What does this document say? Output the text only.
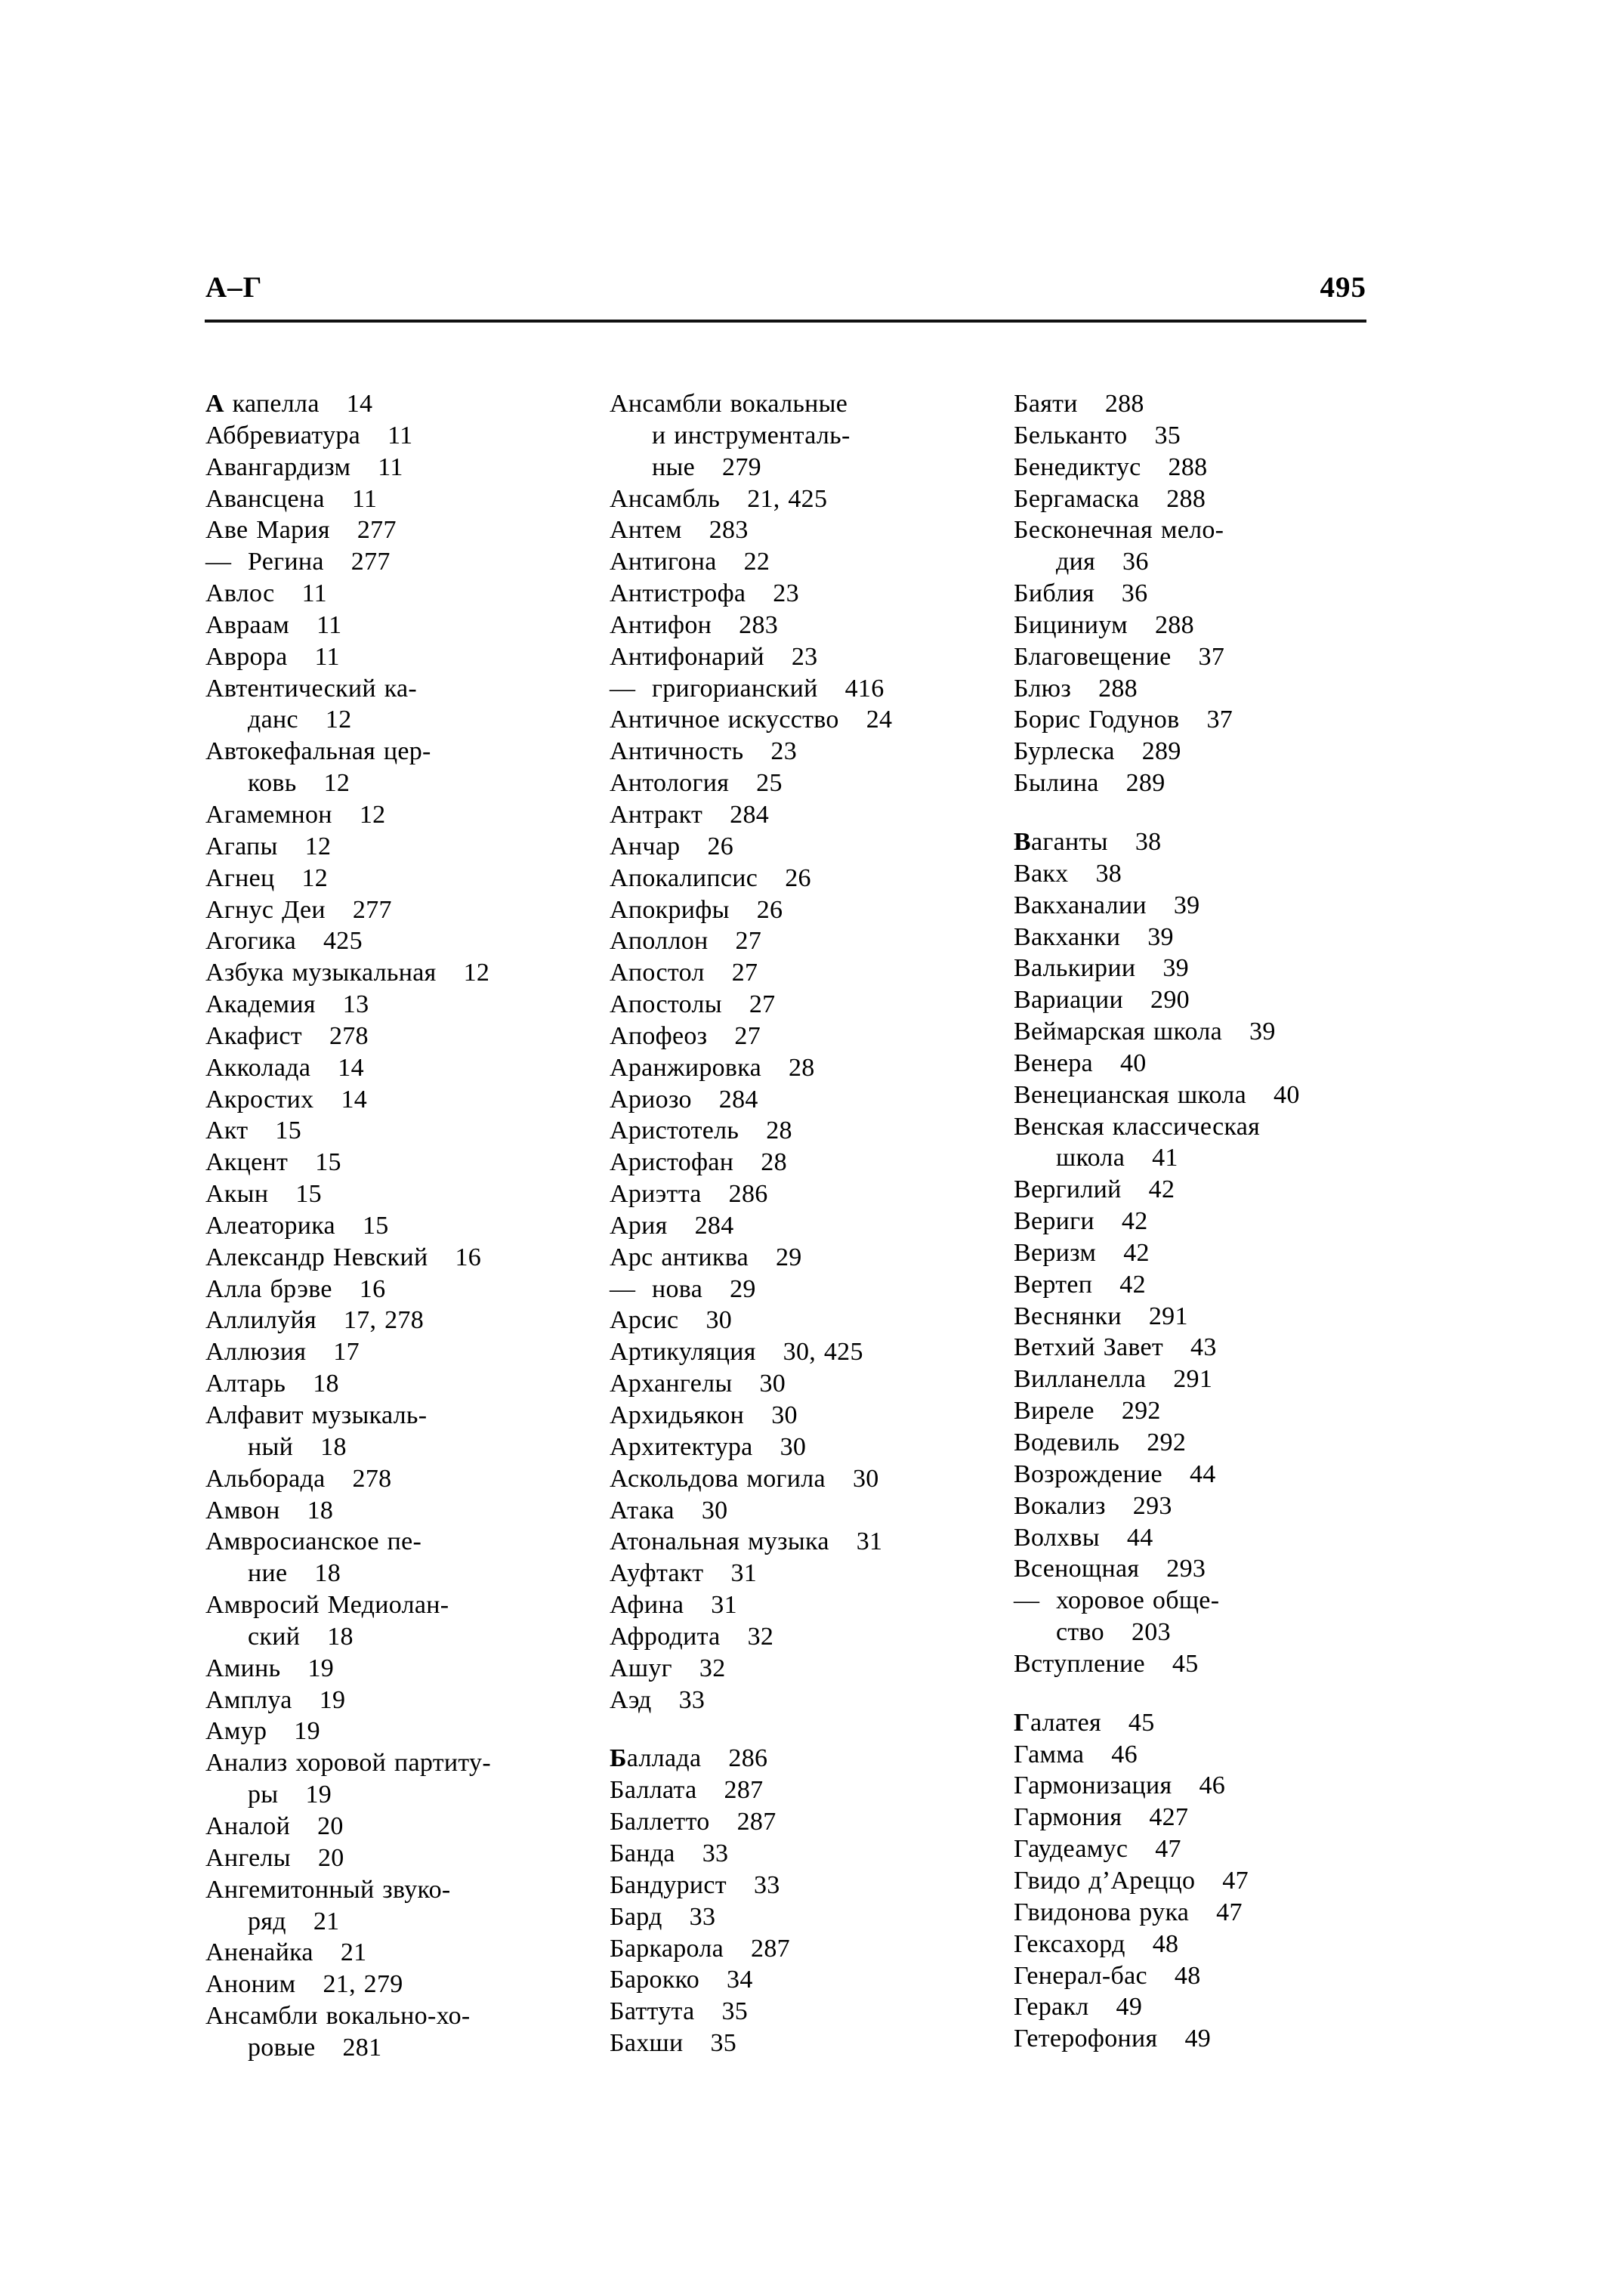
А–Г	495
А капелла 14
Аббревиатура 11
Авангардизм 11
Авансцена 11
Аве Мария 277
— Регина 277
Авлос 11
Авраам 11
Аврора 11
Автентический ка-
данс 12
Автокефальная цер-
ковь 12
Агамемнон 12
Агапы 12
Агнец 12
Агнус Деи 277
Агогика 425
Азбука музыкальная 12
Академия 13
Акафист 278
Акколада 14
Акростих 14
Акт 15
Акцент 15
Акын 15
Алеаторика 15
Александр Невский 16
Алла брэве 16
Аллилуйя 17, 278
Аллюзия 17
Алтарь 18
Алфавит музыкаль-
ный 18
Альборада 278
Амвон 18
Амвросианское пе-
ние 18
Амвросий Медиолан-
ский 18
Аминь 19
Амплуа 19
Амур 19
Анализ хоровой партиту-
ры 19
Аналой 20
Ангелы 20
Ангемитонный звуко-
ряд 21
Аненайка 21
Аноним 21, 279
Ансамбли вокально-хо-
ровые 281
Ансамбли вокальные
и инструменталь-
ные 279
Ансамбль 21, 425
Антем 283
Антигона 22
Антистрофа 23
Антифон 283
Антифонарий 23
— григорианский 416
Античное искусство 24
Античность 23
Антология 25
Антракт 284
Анчар 26
Апокалипсис 26
Апокрифы 26
Аполлон 27
Апостол 27
Апостолы 27
Апофеоз 27
Аранжировка 28
Ариозо 284
Аристотель 28
Аристофан 28
Ариэтта 286
Ария 284
Арс антиква 29
— нова 29
Арсис 30
Артикуляция 30, 425
Архангелы 30
Архидьякон 30
Архитектура 30
Аскольдова могила 30
Атака 30
Атональная музыка 31
Ауфтакт 31
Афина 31
Афродита 32
Ашуг 32
Аэд 33
Баллада 286
Баллата 287
Баллетто 287
Банда 33
Бандурист 33
Бард 33
Баркарола 287
Барокко 34
Баттута 35
Бахши 35
Баяти 288
Бельканто 35
Бенедиктус 288
Бергамаска 288
Бесконечная мело-
дия 36
Библия 36
Бициниум 288
Благовещение 37
Блюз 288
Борис Годунов 37
Бурлеска 289
Былина 289
Ваганты 38
Вакх 38
Вакханалии 39
Вакханки 39
Валькирии 39
Вариации 290
Веймарская школа 39
Венера 40
Венецианская школа 40
Венская классическая
школа 41
Вергилий 42
Вериги 42
Веризм 42
Вертеп 42
Веснянки 291
Ветхий Завет 43
Вилланелла 291
Виреле 292
Водевиль 292
Возрождение 44
Вокализ 293
Волхвы 44
Всенощная 293
— хоровое обще-
ство 203
Вступление 45
Галатея 45
Гамма 46
Гармонизация 46
Гармония 427
Гаудеамус 47
Гвидо д’Ареццо 47
Гвидонова рука 47
Гексахорд 48
Генерал-бас 48
Геракл 49
Гетерофония 49
